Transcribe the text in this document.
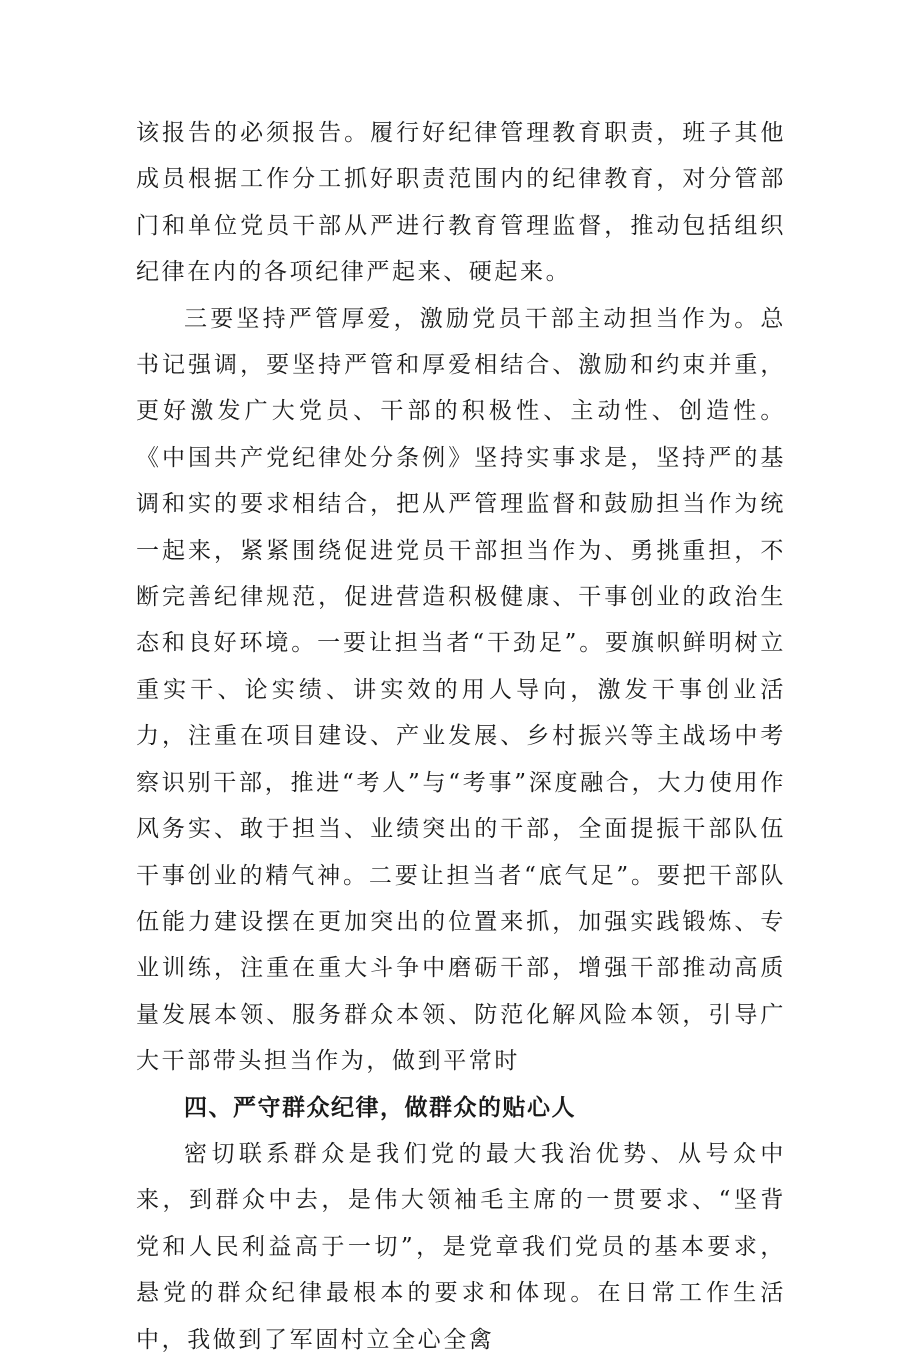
该报告的必须报告。履行好纪律管理教育职责，班子其他成员根据工作分工抓好职责范围内的纪律教育，对分管部门和单位党员干部从严进行教育管理监督，推动包括组织纪律在内的各项纪律严起来、硬起来。

三要坚持严管厚爱，激励党员干部主动担当作为。总书记强调，要坚持严管和厚爱相结合、激励和约束并重，更好激发广大党员、干部的积极性、主动性、创造性。《中国共产党纪律处分条例》坚持实事求是，坚持严的基调和实的要求相结合，把从严管理监督和鼓励担当作为统一起来，紧紧围绕促进党员干部担当作为、勇挑重担，不断完善纪律规范，促进营造积极健康、干事创业的政治生态和良好环境。一要让担当者“干劲足”。要旗帜鲜明树立重实干、论实绩、讲实效的用人导向，激发干事创业活力，注重在项目建设、产业发展、乡村振兴等主战场中考察识别干部，推进“考人”与“考事”深度融合，大力使用作风务实、敢于担当、业绩突出的干部，全面提振干部队伍干事创业的精气神。二要让担当者“底气足”。要把干部队伍能力建设摆在更加突出的位置来抓，加强实践锻炼、专业训练，注重在重大斗争中磨砺干部，增强干部推动高质量发展本领、服务群众本领、防范化解风险本领，引导广大干部带头担当作为，做到平常时

四、严守群众纪律，做群众的贴心人

密切联系群众是我们党的最大我治优势、从号众中来，到群众中去，是伟大领袖毛主席的一贯要求、“坚背党和人民利益高于一切”，是党章我们党员的基本要求，悬党的群众纪律最根本的要求和体现。在日常工作生活中，我做到了军固村立全心全禽
